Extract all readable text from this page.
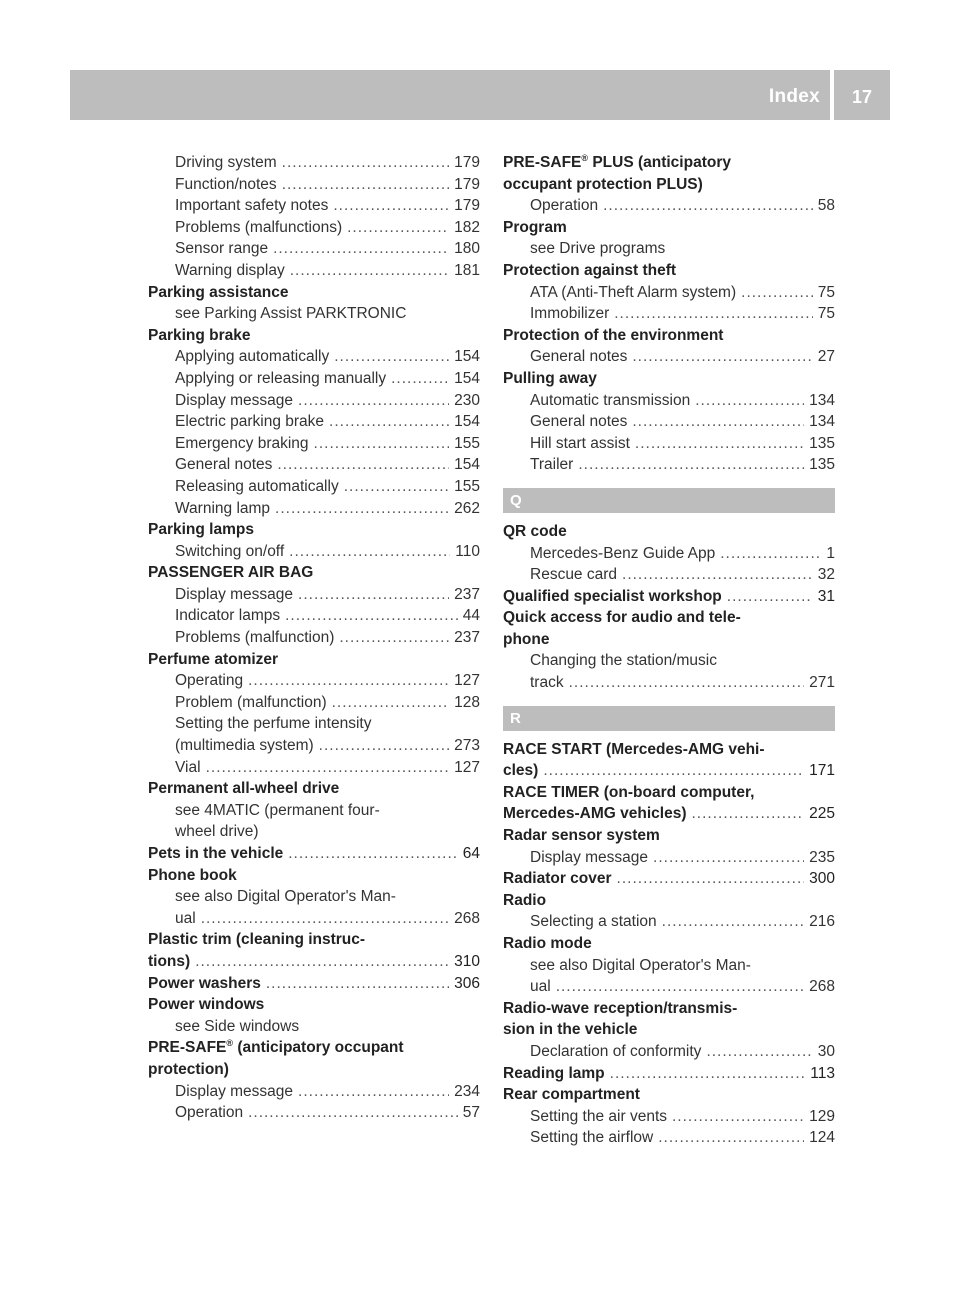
Index	17
Driving system .....	179
Function/notes .....	179
Important safety notes .....	179
Problems (malfunctions) .....	182
Sensor range .....	180
Warning display .....	181
Parking assistance
see Parking Assist PARKTRONIC
Parking brake
Applying automatically .....	154
Applying or releasing manually .....	154
Display message .....	230
Electric parking brake .....	154
Emergency braking .....	155
General notes .....	154
Releasing automatically .....	155
Warning lamp .....	262
Parking lamps
Switching on/off .....	110
PASSENGER AIR BAG
Display message .....	237
Indicator lamps .....	44
Problems (malfunction) .....	237
Perfume atomizer
Operating .....	127
Problem (malfunction) .....	128
Setting the perfume intensity
(multimedia system) .....	273
Vial .....	127
Permanent all-wheel drive
see 4MATIC (permanent four-
wheel drive)
Pets in the vehicle .....	64
Phone book
see also Digital Operator's Man-
ual .....	268
Plastic trim (cleaning instruc-
tions) .....	310
Power washers .....	306
Power windows
see Side windows
PRE-SAFE® (anticipatory occupant
protection)
Display message .....	234
Operation .....	57
PRE-SAFE® PLUS (anticipatory
occupant protection PLUS)
Operation .....	58
Program
see Drive programs
Protection against theft
ATA (Anti-Theft Alarm system) .....	75
Immobilizer .....	75
Protection of the environment
General notes .....	27
Pulling away
Automatic transmission .....	134
General notes .....	134
Hill start assist .....	135
Trailer .....	135
Q
QR code
Mercedes-Benz Guide App .....	1
Rescue card .....	32
Qualified specialist workshop .....	31
Quick access for audio and tele-
phone
Changing the station/music
track .....	271
R
RACE START (Mercedes-AMG vehi-
cles) .....	171
RACE TIMER (on-board computer,
Mercedes-AMG vehicles) .....	225
Radar sensor system
Display message .....	235
Radiator cover .....	300
Radio
Selecting a station .....	216
Radio mode
see also Digital Operator's Man-
ual .....	268
Radio-wave reception/transmis-
sion in the vehicle
Declaration of conformity .....	30
Reading lamp .....	113
Rear compartment
Setting the air vents .....	129
Setting the airflow .....	124
